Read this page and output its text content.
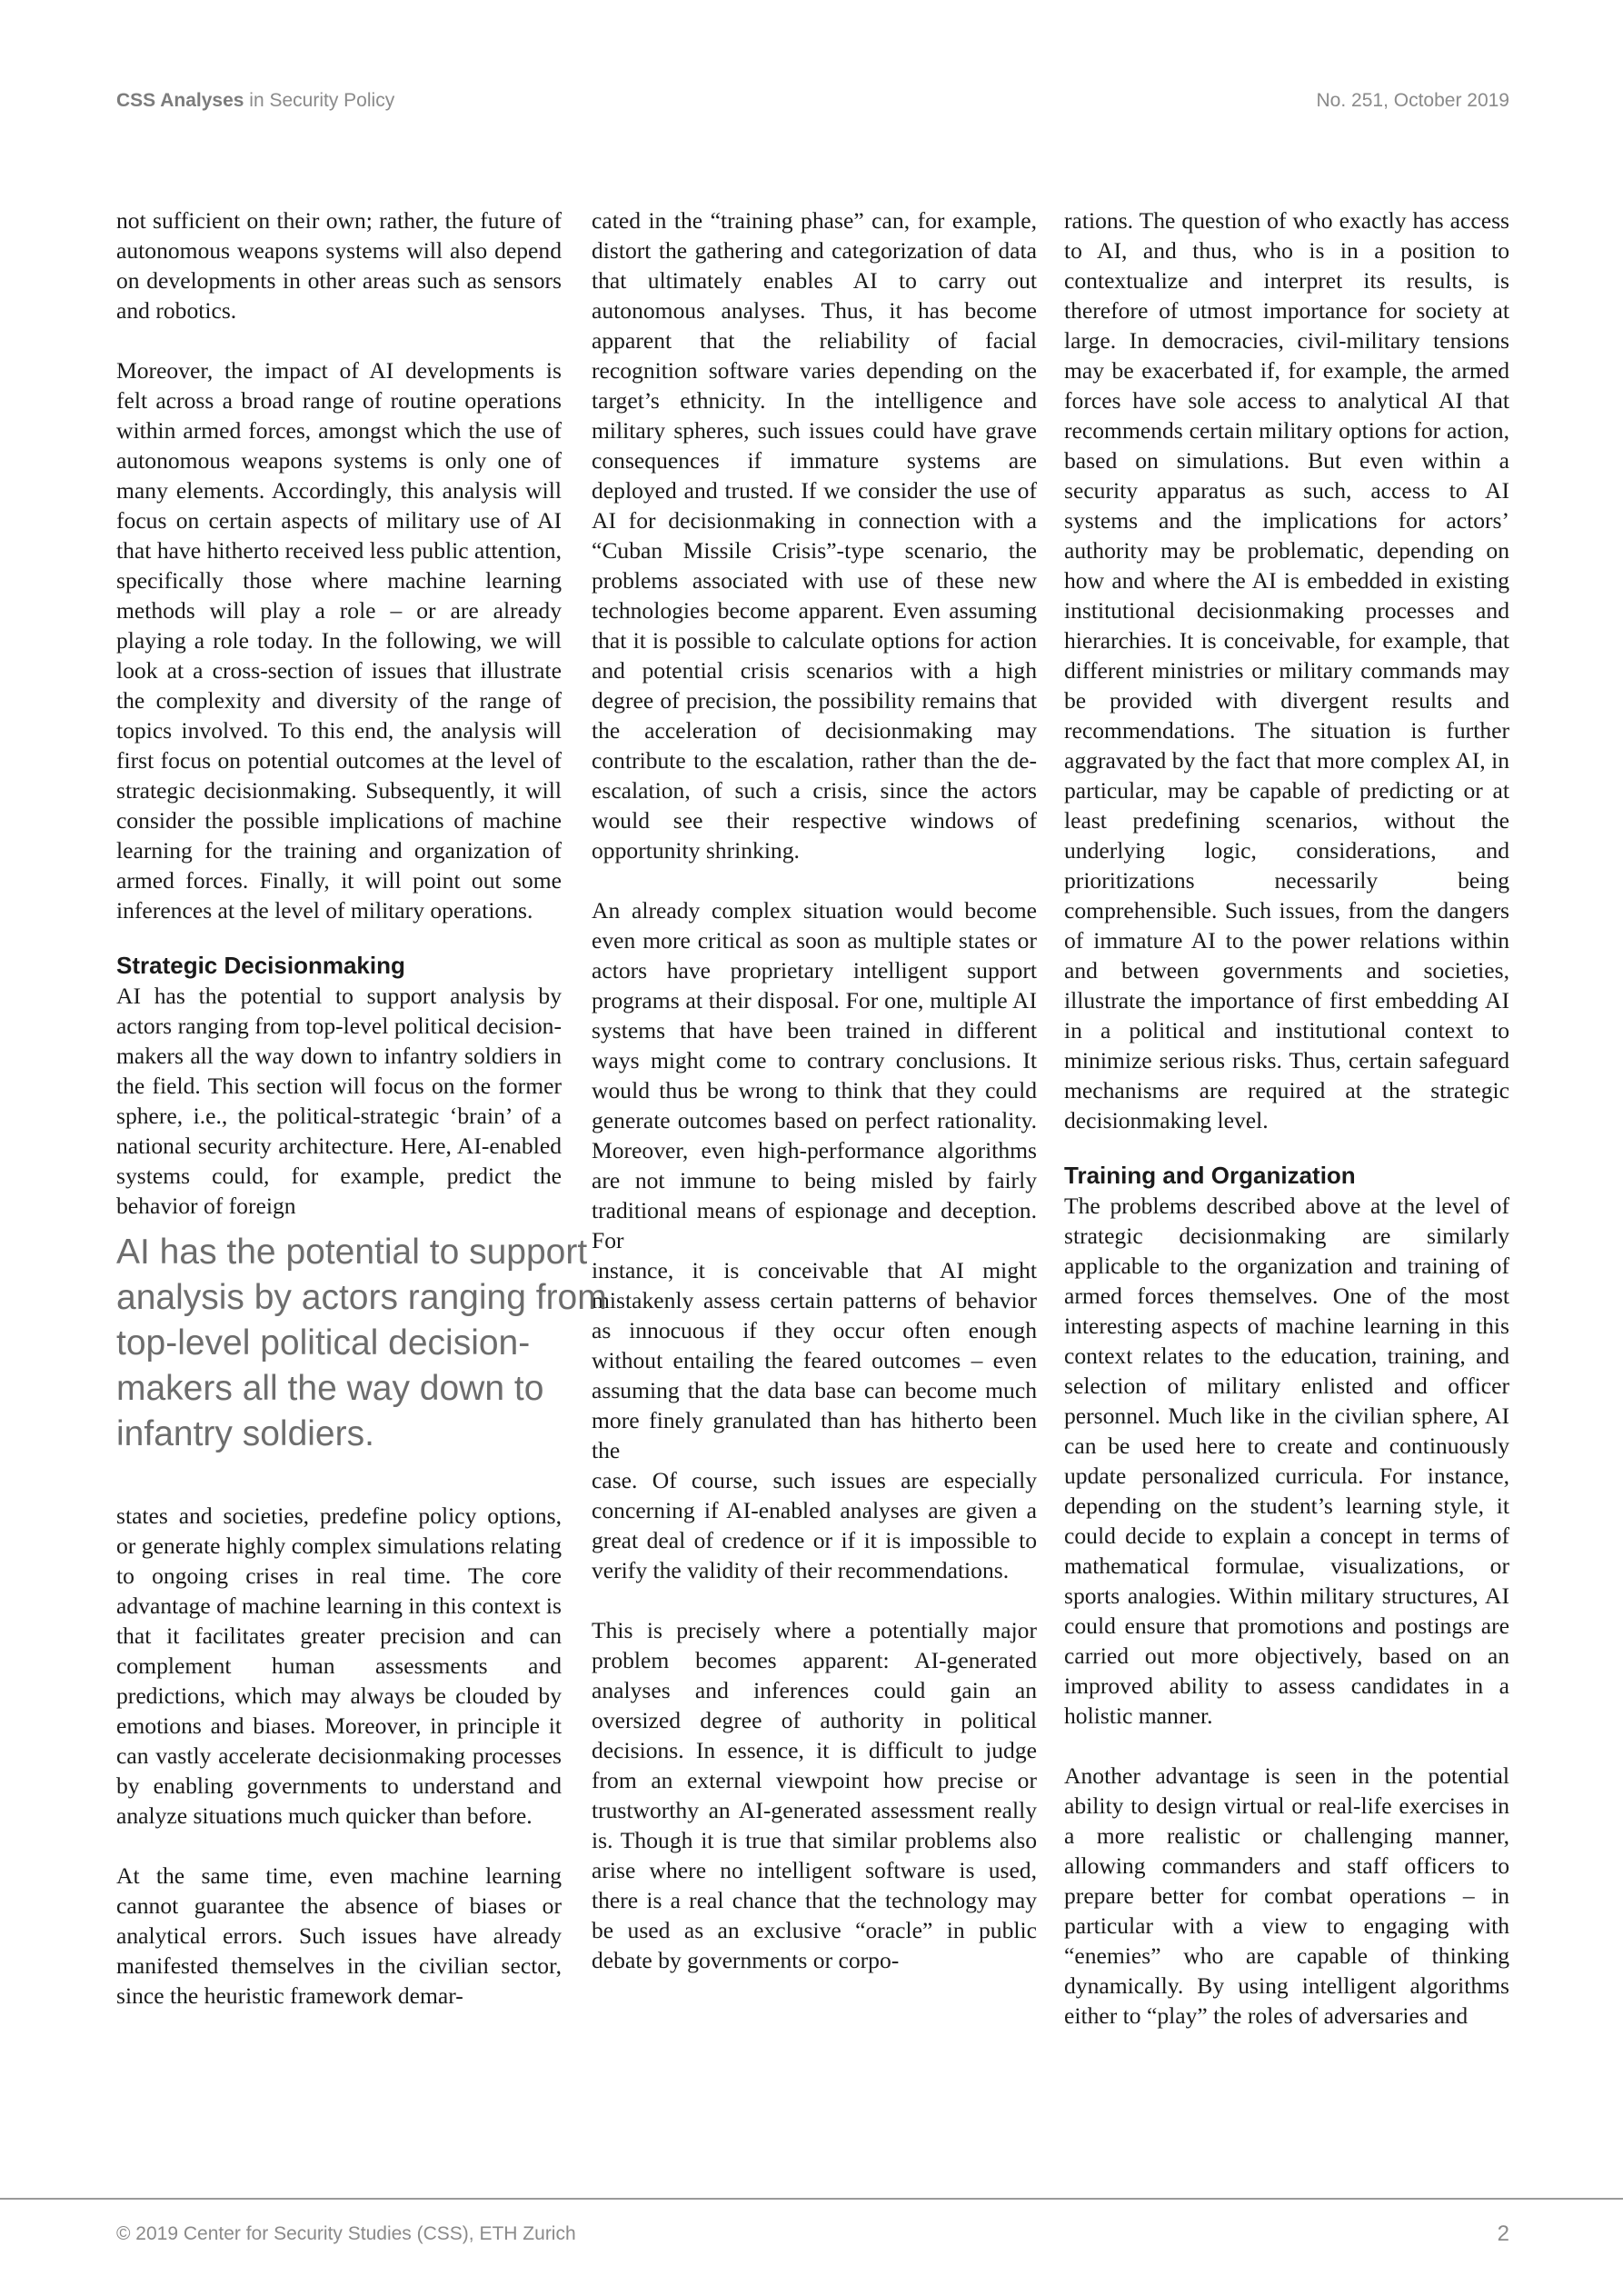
CSS Analyses in Security Policy	No. 251, October 2019

not sufficient on their own; rather, the future of autonomous weapons systems will also depend on developments in other areas such as sensors and robotics.

Moreover, the impact of AI developments is felt across a broad range of routine operations within armed forces, amongst which the use of autonomous weapons systems is only one of many elements. Accordingly, this analysis will focus on certain aspects of military use of AI that have hitherto received less public attention, specifically those where machine learning methods will play a role – or are already playing a role today. In the following, we will look at a cross-section of issues that illustrate the complexity and diversity of the range of topics involved. To this end, the analysis will first focus on potential outcomes at the level of strategic decisionmaking. Subsequently, it will consider the possible implications of machine learning for the training and organization of armed forces. Finally, it will point out some inferences at the level of military operations.

Strategic Decisionmaking

AI has the potential to support analysis by actors ranging from top-level political decision-makers all the way down to infantry soldiers in the field. This section will focus on the former sphere, i.e., the political-strategic ‘brain’ of a national security architecture. Here, AI-enabled systems could, for example, predict the behavior of foreign

AI has the potential to support analysis by actors ranging from top-level political decision-makers all the way down to infantry soldiers.

states and societies, predefine policy options, or generate highly complex simulations relating to ongoing crises in real time. The core advantage of machine learning in this context is that it facilitates greater precision and can complement human assessments and predictions, which may always be clouded by emotions and biases. Moreover, in principle it can vastly accelerate decisionmaking processes by enabling governments to understand and analyze situations much quicker than before.

At the same time, even machine learning cannot guarantee the absence of biases or analytical errors. Such issues have already manifested themselves in the civilian sector, since the heuristic framework demar-

cated in the “training phase” can, for example, distort the gathering and categorization of data that ultimately enables AI to carry out autonomous analyses. Thus, it has become apparent that the reliability of facial recognition software varies depending on the target’s ethnicity. In the intelligence and military spheres, such issues could have grave consequences if immature systems are deployed and trusted. If we consider the use of AI for decisionmaking in connection with a “Cuban Missile Crisis”-type scenario, the problems associated with use of these new technologies become apparent. Even assuming that it is possible to calculate options for action and potential crisis scenarios with a high degree of precision, the possibility remains that the acceleration of decisionmaking may contribute to the escalation, rather than the de-escalation, of such a crisis, since the actors would see their respective windows of opportunity shrinking.

An already complex situation would become even more critical as soon as multiple states or actors have proprietary intelligent support programs at their disposal. For one, multiple AI systems that have been trained in different ways might come to contrary conclusions. It would thus be wrong to think that they could generate outcomes based on perfect rationality. Moreover, even high-performance algorithms are not immune to being misled by fairly traditional means of espionage and deception. For

instance, it is conceivable that AI might mistakenly assess certain patterns of behavior as innocuous if they occur often enough without entailing the feared outcomes – even assuming that the data base can become much more finely granulated than has hitherto been the

case. Of course, such issues are especially concerning if AI-enabled analyses are given a great deal of credence or if it is impossible to verify the validity of their recommendations.

This is precisely where a potentially major problem becomes apparent: AI-generated analyses and inferences could gain an oversized degree of authority in political decisions. In essence, it is difficult to judge from an external viewpoint how precise or trustworthy an AI-generated assessment really is. Though it is true that similar problems also arise where no intelligent software is used, there is a real chance that the technology may be used as an exclusive “oracle” in public debate by governments or corpo-

rations. The question of who exactly has access to AI, and thus, who is in a position to contextualize and interpret its results, is therefore of utmost importance for society at large. In democracies, civil-military tensions may be exacerbated if, for example, the armed forces have sole access to analytical AI that recommends certain military options for action, based on simulations. But even within a security apparatus as such, access to AI systems and the implications for actors’ authority may be problematic, depending on how and where the AI is embedded in existing institutional decisionmaking processes and hierarchies. It is conceivable, for example, that different ministries or military commands may be provided with divergent results and recommendations. The situation is further aggravated by the fact that more complex AI, in particular, may be capable of predicting or at least predefining scenarios, without the underlying logic, considerations, and prioritizations necessarily being comprehensible. Such issues, from the dangers of immature AI to the power relations within and between governments and societies, illustrate the importance of first embedding AI in a political and institutional context to minimize serious risks. Thus, certain safeguard mechanisms are required at the strategic decisionmaking level.

Training and Organization

The problems described above at the level of strategic decisionmaking are similarly applicable to the organization and training of armed forces themselves. One of the most interesting aspects of machine learning in this context relates to the education, training, and selection of military enlisted and officer personnel. Much like in the civilian sphere, AI can be used here to create and continuously update personalized curricula. For instance, depending on the student’s learning style, it could decide to explain a concept in terms of mathematical formulae, visualizations, or sports analogies. Within military structures, AI could ensure that promotions and postings are carried out more objectively, based on an improved ability to assess candidates in a holistic manner.

Another advantage is seen in the potential ability to design virtual or real-life exercises in a more realistic or challenging manner, allowing commanders and staff officers to prepare better for combat operations – in particular with a view to engaging with “enemies” who are capable of thinking dynamically. By using intelligent algorithms either to “play” the roles of adversaries and

© 2019 Center for Security Studies (CSS), ETH Zurich	2
